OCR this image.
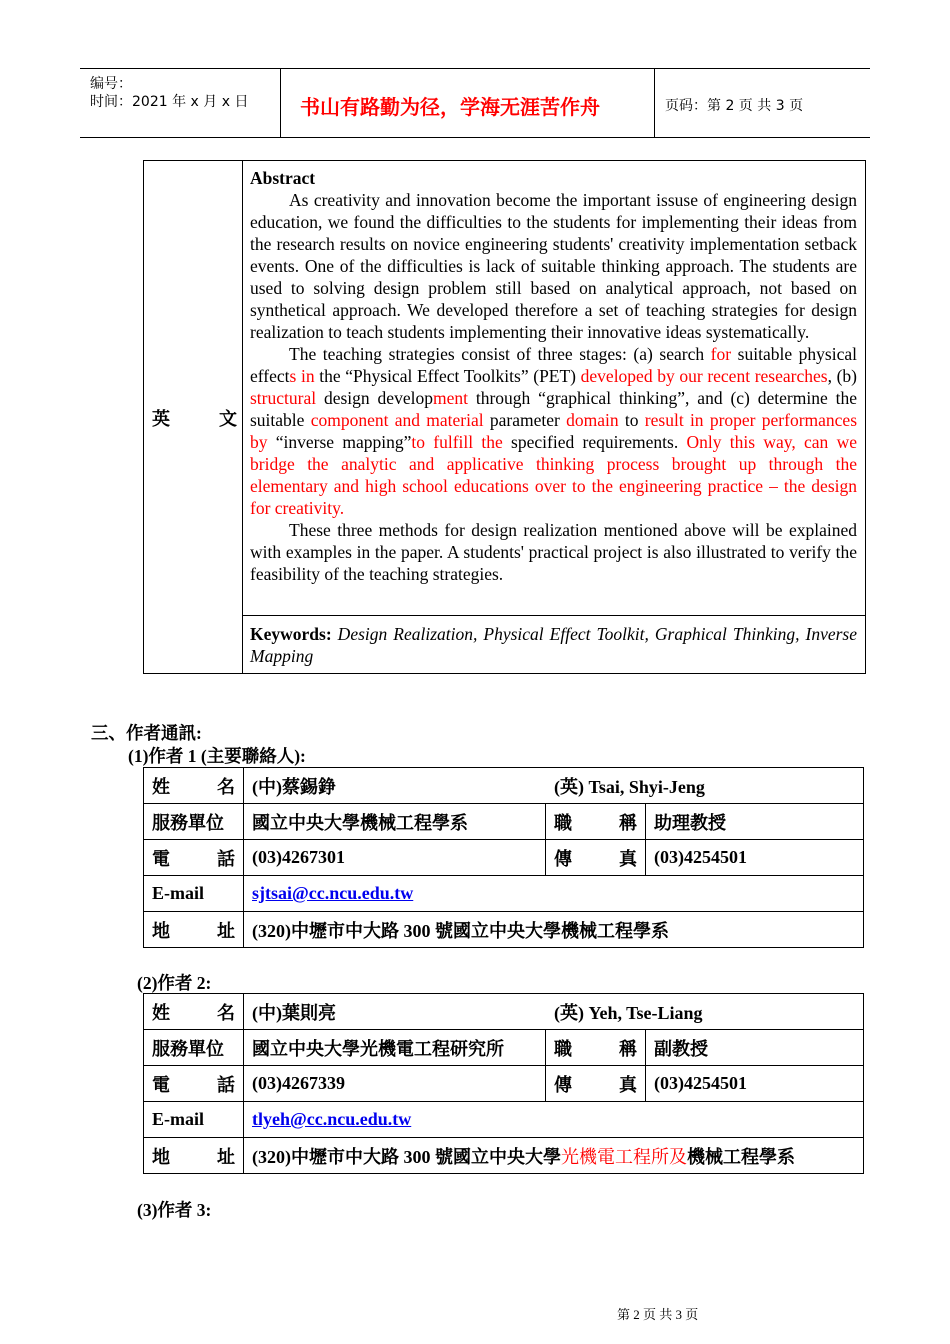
编号：
时间：2021 年 x 月 x 日	书山有路勤为径，学海无涯苦作舟	页码：第 2 页 共 3 页
英	文

Abstract

As creativity and innovation become the important issuse of engineering design education, we found the difficulties to the students for implementing their ideas from the research results on novice engineering students' creativity implementation setback events. One of the difficulties is lack of suitable thinking approach. The students are used to solving design problem still based on analytical approach, not based on synthetical approach. We developed therefore a set of teaching strategies for design realization to teach students implementing their innovative ideas systematically.

The teaching strategies consist of three stages: (a) search for suitable physical effects in the “Physical Effect Toolkits” (PET) developed by our recent researches, (b) structural design development through “graphical thinking”, and (c) determine the suitable component and material parameter domain to result in proper performances by “inverse mapping”to fulfill the specified requirements. Only this way, can we bridge the analytic and applicative thinking process brought up through the elementary and high school educations over to the engineering practice – the design for creativity.

These three methods for design realization mentioned above will be explained with examples in the paper. A students' practical project is also illustrated to verify the feasibility of the teaching strategies.

Keywords: Design Realization, Physical Effect Toolkit, Graphical Thinking, Inverse Mapping
三、作者通訊:
(1)作者 1 (主要聯絡人):
姓 名	(中)蔡錫錚 (英) Tsai, Shyi-Jeng		
服務單位	國立中央大學機械工程學系	職 稱	助理教授

電 話	(03)4267301	傳 真	(03)4254501
E-mail	sjtsai@cc.ncu.edu.tw		

地 址	(320)中壢市中大路 300 號國立中央大學機械工程學系		
(2)作者 2:
姓 名	(中)葉則亮 (英) Yeh, Tse-Liang		
服務單位	國立中央大學光機電工程研究所	職 稱	副教授

電 話	(03)4267339	傳 真	(03)4254501
E-mail	tlyeh@cc.ncu.edu.tw		

地 址	(320)中壢市中大路 300 號國立中央大學光機電工程所及機械工程學系		
(3)作者 3:
第 2 页 共 3 页
